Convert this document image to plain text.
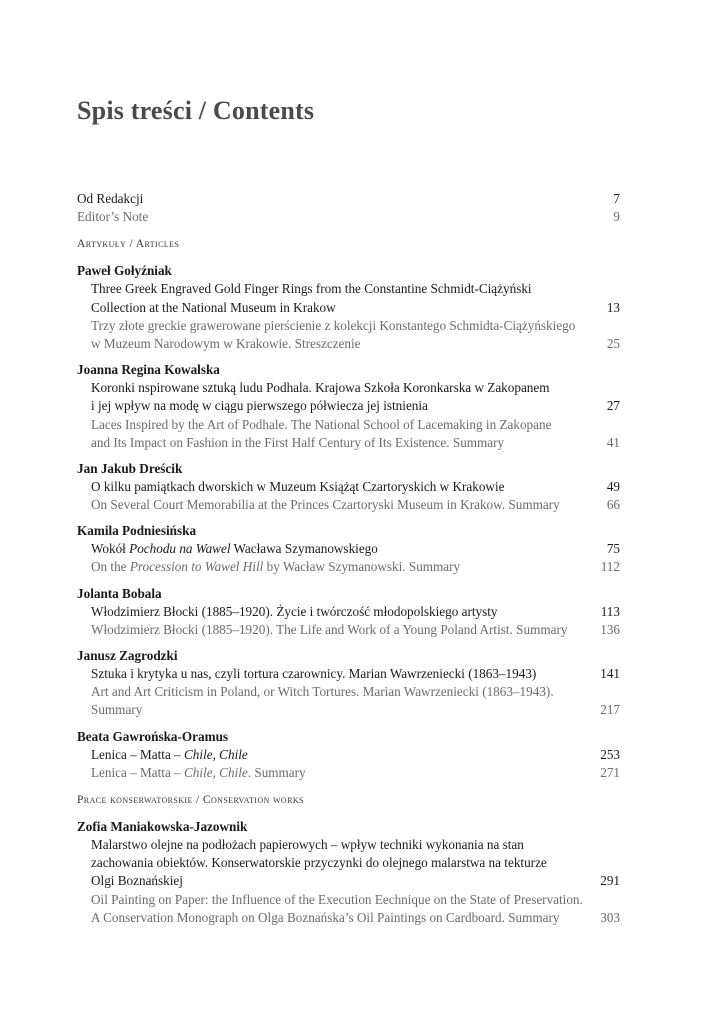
Spis treści / Contents
Od Redakcji	7
Editor’s Note	9
Artykuły / Articles
Paweł Gołyźniak
Three Greek Engraved Gold Finger Rings from the Constantine Schmidt-Ciążyński
Collection at the National Museum in Krakow	13
Trzy złote greckie grawerowane pierścienie z kolekcji Konstantego Schmidta-Ciążyńskiego
w Muzeum Narodowym w Krakowie. Streszczenie	25
Joanna Regina Kowalska
Koronki nspirowane sztuką ludu Podhala. Krajowa Szkoła Koronkarska w Zakopanem
i jej wpływ na modę w ciągu pierwszego półwiecza jej istnienia	27
Laces Inspired by the Art of Podhale. The National School of Lacemaking in Zakopane
and Its Impact on Fashion in the First Half Century of Its Existence. Summary	41
Jan Jakub Dreścik
O kilku pamiątkach dworskich w Muzeum Książąt Czartoryskich w Krakowie	49
On Several Court Memorabilia at the Princes Czartoryski Museum in Krakow. Summary	66
Kamila Podniesińska
Wokół Pochodu na Wawel Wacława Szymanowskiego	75
On the Procession to Wawel Hill by Wacław Szymanowski. Summary	112
Jolanta Bobala
Włodzimierz Błocki (1885–1920). Życie i twórczość młodopolskiego artysty	113
Włodzimierz Błocki (1885–1920). The Life and Work of a Young Poland Artist. Summary	136
Janusz Zagrodzki
Sztuka i krytyka u nas, czyli tortura czarownicy. Marian Wawrzeniecki (1863–1943)	141
Art and Art Criticism in Poland, or Witch Tortures. Marian Wawrzeniecki (1863–1943).
Summary	217
Beata Gawrońska-Oramus
Lenica – Matta – Chile, Chile	253
Lenica – Matta – Chile, Chile. Summary	271
Prace konserwatorskie / Conservation works
Zofia Maniakowska-Jazownik
Malarstwo olejne na podłożach papierowych – wpływ techniki wykonania na stan
zachowania obiektów. Konserwatorskie przyczynki do olejnego malarstwa na tekturze
Olgi Boznańskiej	291
Oil Painting on Paper: the Influence of the Execution Eechnique on the State of Preservation.
A Conservation Monograph on Olga Boznańska’s Oil Paintings on Cardboard. Summary	303
